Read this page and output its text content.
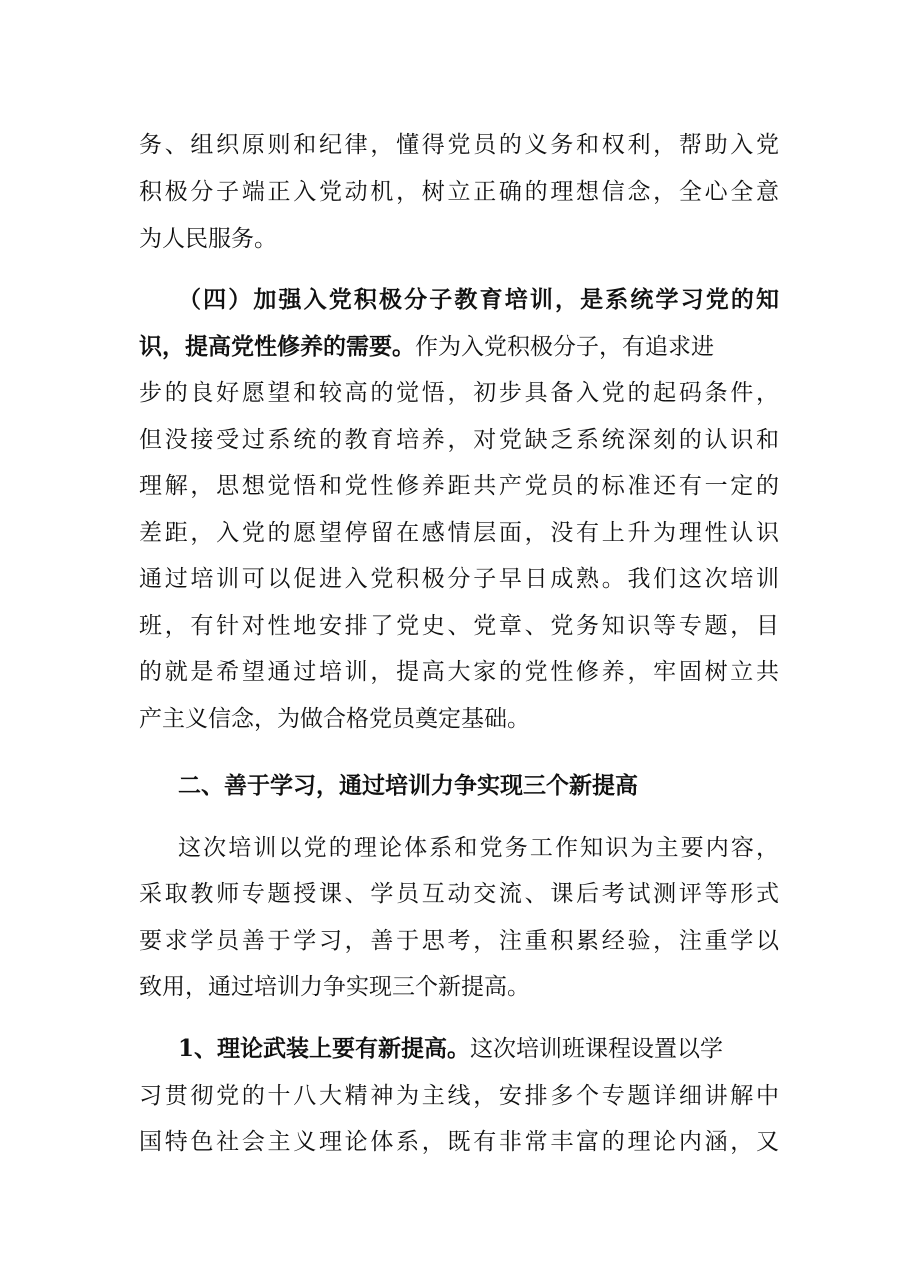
务、组织原则和纪律，懂得党员的义务和权利，帮助入党
积极分子端正入党动机，树立正确的理想信念，全心全意
为人民服务。
（四）加强入党积极分子教育培训，是系统学习党的知
识，提高党性修养的需要。作为入党积极分子，有追求进
步的良好愿望和较高的觉悟，初步具备入党的起码条件，
但没接受过系统的教育培养，对党缺乏系统深刻的认识和
理解，思想觉悟和党性修养距共产党员的标准还有一定的
差距，入党的愿望停留在感情层面，没有上升为理性认识
通过培训可以促进入党积极分子早日成熟。我们这次培训
班，有针对性地安排了党史、党章、党务知识等专题，目
的就是希望通过培训，提高大家的党性修养，牢固树立共
产主义信念，为做合格党员奠定基础。
二、善于学习，通过培训力争实现三个新提高
这次培训以党的理论体系和党务工作知识为主要内容，
采取教师专题授课、学员互动交流、课后考试测评等形式
要求学员善于学习，善于思考，注重积累经验，注重学以
致用，通过培训力争实现三个新提高。
1、理论武装上要有新提高。这次培训班课程设置以学
习贯彻党的十八大精神为主线，安排多个专题详细讲解中
国特色社会主义理论体系，既有非常丰富的理论内涵，又
